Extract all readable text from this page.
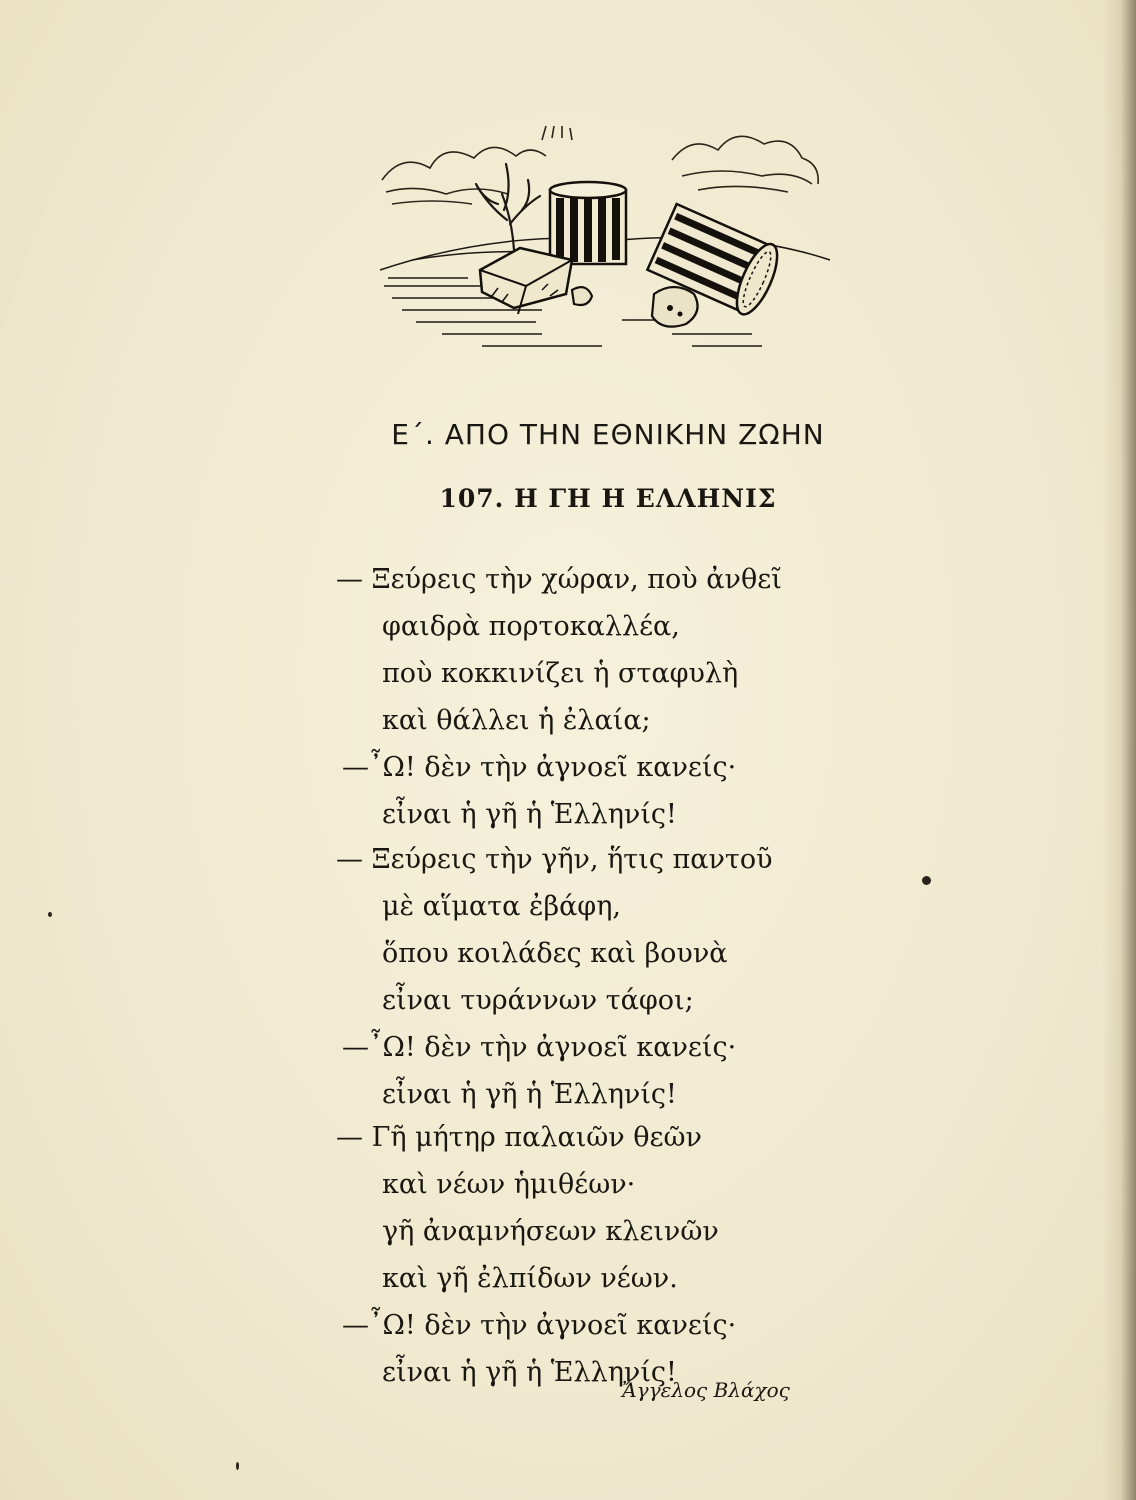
Ε΄. ΑΠΟ ΤΗΝ ΕΘΝΙΚΗΝ ΖΩΗΝ
107. Η ΓΗ Η ΕΛΛΗΝΙΣ
— Ξεύρεις τὴν χώραν, ποὺ ἀνθεῖ
φαιδρὰ πορτοκαλλέα,
ποὺ κοκκινίζει ἡ σταφυλὴ
καὶ θάλλει ἡ ἐλαία;
—῏Ω! δὲν τὴν ἀγνοεῖ κανείς·
εἶναι ἡ γῆ ἡ Ἑλληνίς!
— Ξεύρεις τὴν γῆν, ἥτις παντοῦ
μὲ αἵματα ἐβάφη,
ὅπου κοιλάδες καὶ βουνὰ
εἶναι τυράννων τάφοι;
—῏Ω! δὲν τὴν ἀγνοεῖ κανείς·
εἶναι ἡ γῆ ἡ Ἑλληνίς!
— Γῆ μήτηρ παλαιῶν θεῶν
καὶ νέων ἡμιθέων·
γῆ ἀναμνήσεων κλεινῶν
καὶ γῆ ἐλπίδων νέων.
—῏Ω! δὲν τὴν ἀγνοεῖ κανείς·
εἶναι ἡ γῆ ἡ Ἑλληνίς!
Ἄγγελος Βλάχος
